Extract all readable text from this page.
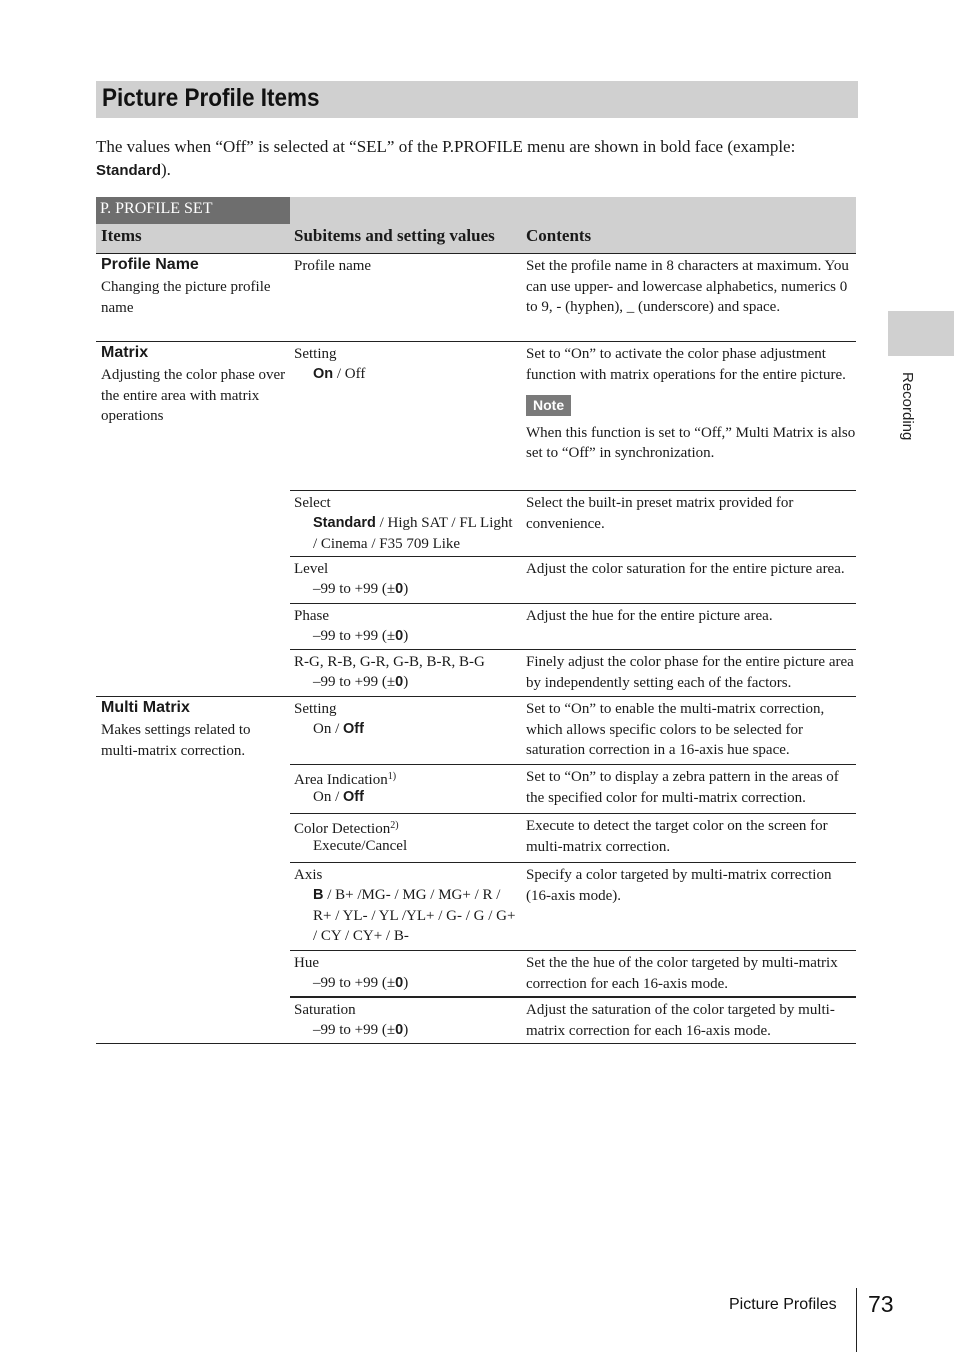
Picture Profile Items
The values when “Off” is selected at “SEL” of the P.PROFILE menu are shown in bold face (example: Standard).
P. PROFILE SET
Items	Subitems and setting values Contents
Profile Name
Changing the picture profile name
Profile name	Set the profile name in 8 characters at maximum. You can use upper- and lowercase alphabetics, numerics 0 to 9, - (hyphen), _ (underscore) and space.
Matrix
Adjusting the color phase over the entire area with matrix operations
Setting
On / Off
Set to “On” to activate the color phase adjustment function with matrix operations for the entire picture.
Note
When this function is set to “Off,” Multi Matrix is also set to “Off” in synchronization.
Select
Standard / High SAT / FL Light / Cinema / F35 709 Like
Select the built-in preset matrix provided for convenience.
Level
–99 to +99 (±0)
Adjust the color saturation for the entire picture area.
Phase
–99 to +99 (±0)
Adjust the hue for the entire picture area.
R-G, R-B, G-R, G-B, B-R, B-G
–99 to +99 (±0)
Finely adjust the color phase for the entire picture area by independently setting each of the factors.
Multi Matrix
Makes settings related to multi-matrix correction.
Setting
On / Off
Set to “On” to enable the multi-matrix correction, which allows specific colors to be selected for saturation correction in a 16-axis hue space.
Area Indication$^{1)}$
On / Off
Set to “On” to display a zebra pattern in the areas of the specified color for multi-matrix correction.
Color Detection$^{2)}$
Execute/Cancel
Execute to detect the target color on the screen for multi-matrix correction.
Axis
B / B+ /MG- / MG / MG+ / R / R+ / YL- / YL /YL+ / G- / G / G+ / CY / CY+ / B-
Specify a color targeted by multi-matrix correction (16-axis mode).
Hue
–99 to +99 (±0)
Set the the hue of the color targeted by multi-matrix correction for each 16-axis mode.
Saturation
–99 to +99 (±0)
Adjust the saturation of the color targeted by multi-matrix correction for each 16-axis mode.
Recording
Picture Profiles 73
